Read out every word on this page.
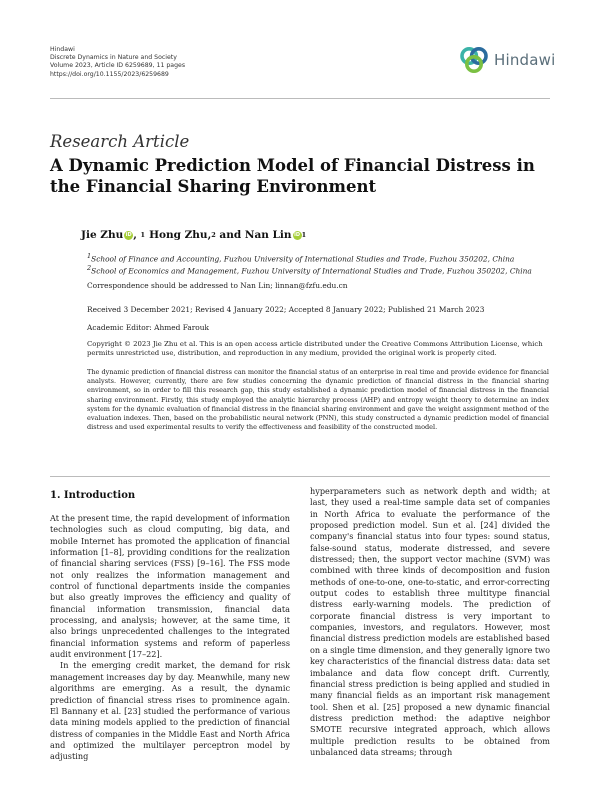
Hindawi
Discrete Dynamics in Nature and Society
Volume 2023, Article ID 6259689, 11 pages
https://doi.org/10.1155/2023/6259689
Hindawi
Research Article
A Dynamic Prediction Model of Financial Distress in the Financial Sharing Environment
Jie Zhu iD , 1 Hong Zhu, 2 and Nan Lin iD 1
1School of Finance and Accounting, Fuzhou University of International Studies and Trade, Fuzhou 350202, China
2School of Economics and Management, Fuzhou University of International Studies and Trade, Fuzhou 350202, China
Correspondence should be addressed to Nan Lin; linnan@fzfu.edu.cn
Received 3 December 2021; Revised 4 January 2022; Accepted 8 January 2022; Published 21 March 2023
Academic Editor: Ahmed Farouk
Copyright © 2023 Jie Zhu et al. This is an open access article distributed under the Creative Commons Attribution License, which permits unrestricted use, distribution, and reproduction in any medium, provided the original work is properly cited.
The dynamic prediction of financial distress can monitor the financial status of an enterprise in real time and provide evidence for financial analysts. However, currently, there are few studies concerning the dynamic prediction of financial distress in the financial sharing environment, so in order to fill this research gap, this study established a dynamic prediction model of financial distress in the financial sharing environment. Firstly, this study employed the analytic hierarchy process (AHP) and entropy weight theory to determine an index system for the dynamic evaluation of financial distress in the financial sharing environment and gave the weight assignment method of the evaluation indexes. Then, based on the probabilistic neural network (PNN), this study constructed a dynamic prediction model of financial distress and used experimental results to verify the effectiveness and feasibility of the constructed model.
1. Introduction

At the present time, the rapid development of information technologies such as cloud computing, big data, and mobile Internet has promoted the application of financial information [1–8], providing conditions for the realization of financial sharing services (FSS) [9–16]. The FSS mode not only realizes the information management and control of functional departments inside the companies but also greatly improves the efficiency and quality of financial information transmission, financial data processing, and analysis; however, at the same time, it also brings unprecedented challenges to the integrated financial information systems and reform of paperless audit environment [17–22].

In the emerging credit market, the demand for risk management increases day by day. Meanwhile, many new algorithms are emerging. As a result, the dynamic prediction of financial stress rises to prominence again. El Bannany et al. [23] studied the performance of various data mining models applied to the prediction of financial distress of companies in the Middle East and North Africa and optimized the multilayer perceptron model by adjusting

hyperparameters such as network depth and width; at last, they used a real-time sample data set of companies in North Africa to evaluate the performance of the proposed prediction model. Sun et al. [24] divided the company's financial status into four types: sound status, false-sound status, moderate distressed, and severe distressed; then, the support vector machine (SVM) was combined with three kinds of decomposition and fusion methods of one-to-one, one-to-static, and error-correcting output codes to establish three multitype financial distress early-warning models. The prediction of corporate financial distress is very important to companies, investors, and regulators. However, most financial distress prediction models are established based on a single time dimension, and they generally ignore two key characteristics of the financial distress data: data set imbalance and data flow concept drift. Currently, financial stress prediction is being applied and studied in many financial fields as an important risk management tool. Shen et al. [25] proposed a new dynamic financial distress prediction method: the adaptive neighbor SMOTE recursive integrated approach, which allows multiple prediction results to be obtained from unbalanced data streams; through
